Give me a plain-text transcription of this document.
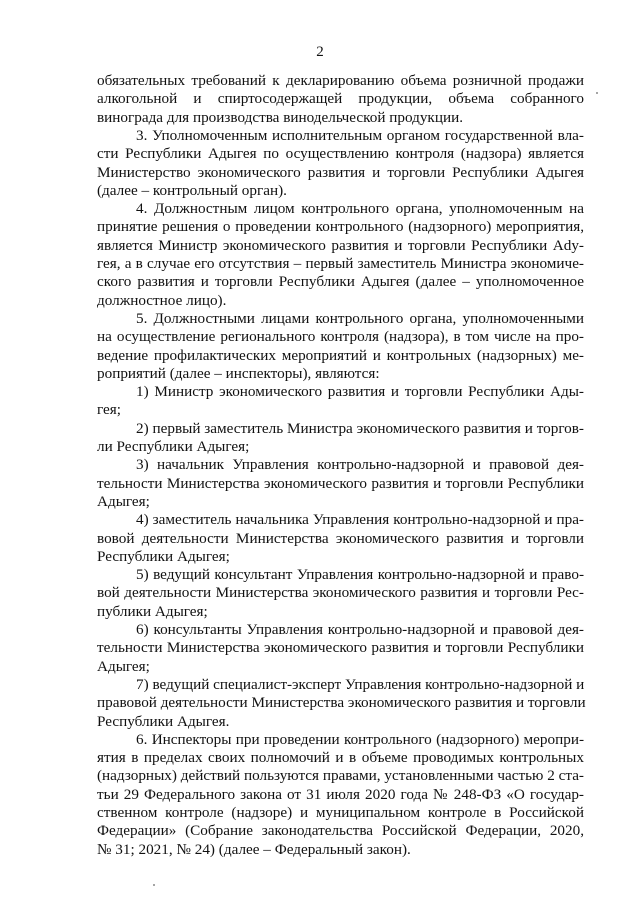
2
обязательных требований к декларированию объема розничной продажи
алкогольной и спиртосодержащей продукции, объема собранного
винограда для производства винодельческой продукции.
3. Уполномоченным исполнительным органом государственной вла-
сти Республики Адыгея по осуществлению контроля (надзора) является
Министерство экономического развития и торговли Республики Адыгея
(далее – контрольный орган).
4. Должностным лицом контрольного органа, уполномоченным на
принятие решения о проведении контрольного (надзорного) мероприятия,
является Министр экономического развития и торговли Республики Ady-
гея, а в случае его отсутствия – первый заместитель Министра экономиче-
ского развития и торговли Республики Адыгея (далее – уполномоченное
должностное лицо).
5. Должностными лицами контрольного органа, уполномоченными
на осуществление регионального контроля (надзора), в том числе на про-
ведение профилактических мероприятий и контрольных (надзорных) ме-
роприятий (далее – инспекторы), являются:
1) Министр экономического развития и торговли Республики Ады-
гея;
2) первый заместитель Министра экономического развития и торгов-
ли Республики Адыгея;
3) начальник Управления контрольно-надзорной и правовой дея-
тельности Министерства экономического развития и торговли Республики
Адыгея;
4) заместитель начальника Управления контрольно-надзорной и пра-
вовой деятельности Министерства экономического развития и торговли
Республики Адыгея;
5) ведущий консультант Управления контрольно-надзорной и право-
вой деятельности Министерства экономического развития и торговли Рес-
публики Адыгея;
6) консультанты Управления контрольно-надзорной и правовой дея-
тельности Министерства экономического развития и торговли Республики
Адыгея;
7) ведущий специалист-эксперт Управления контрольно-надзорной и
правовой деятельности Министерства экономического развития и торговли
Республики Адыгея.
6. Инспекторы при проведении контрольного (надзорного) меропри-
ятия в пределах своих полномочий и в объеме проводимых контрольных
(надзорных) действий пользуются правами, установленными частью 2 ста-
тьи 29 Федерального закона от 31 июля 2020 года № 248-ФЗ «О государ-
ственном контроле (надзоре) и муниципальном контроле в Российской
Федерации» (Собрание законодательства Российской Федерации, 2020,
№ 31; 2021, № 24) (далее – Федеральный закон).
